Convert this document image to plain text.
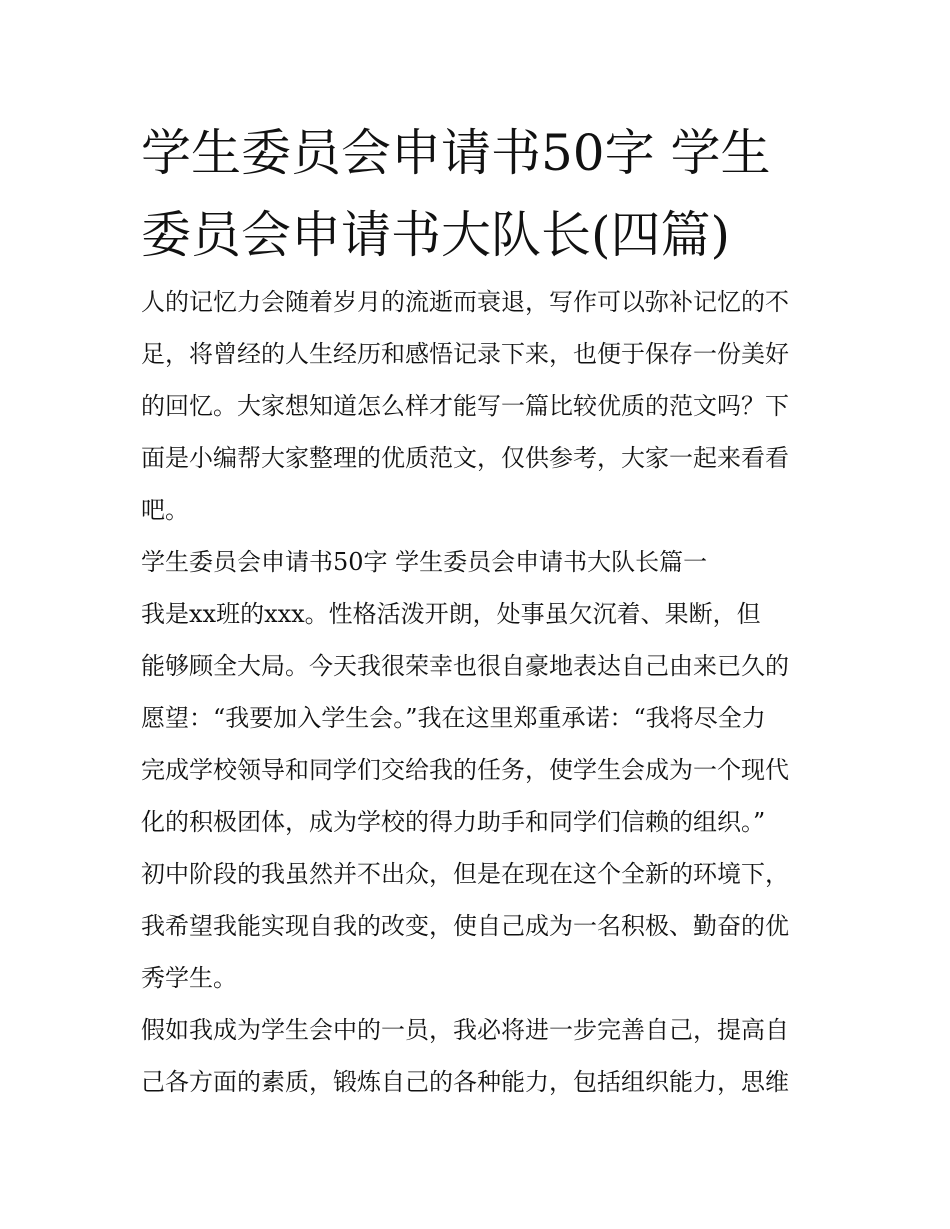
学生委员会申请书50字 学生
委员会申请书大队长(四篇)
人的记忆力会随着岁月的流逝而衰退，写作可以弥补记忆的不
足，将曾经的人生经历和感悟记录下来，也便于保存一份美好
的回忆。大家想知道怎么样才能写一篇比较优质的范文吗？下
面是小编帮大家整理的优质范文，仅供参考，大家一起来看看
吧。
学生委员会申请书50字 学生委员会申请书大队长篇一
我是xx班的xxx。性格活泼开朗，处事虽欠沉着、果断，但
能够顾全大局。今天我很荣幸也很自豪地表达自己由来已久的
愿望：“我要加入学生会。”我在这里郑重承诺：“我将尽全力
完成学校领导和同学们交给我的任务，使学生会成为一个现代
化的积极团体，成为学校的得力助手和同学们信赖的组织。”
初中阶段的我虽然并不出众，但是在现在这个全新的环境下，
我希望我能实现自我的改变，使自己成为一名积极、勤奋的优
秀学生。
假如我成为学生会中的一员，我必将进一步完善自己，提高自
己各方面的素质，锻炼自己的各种能力，包括组织能力，思维
